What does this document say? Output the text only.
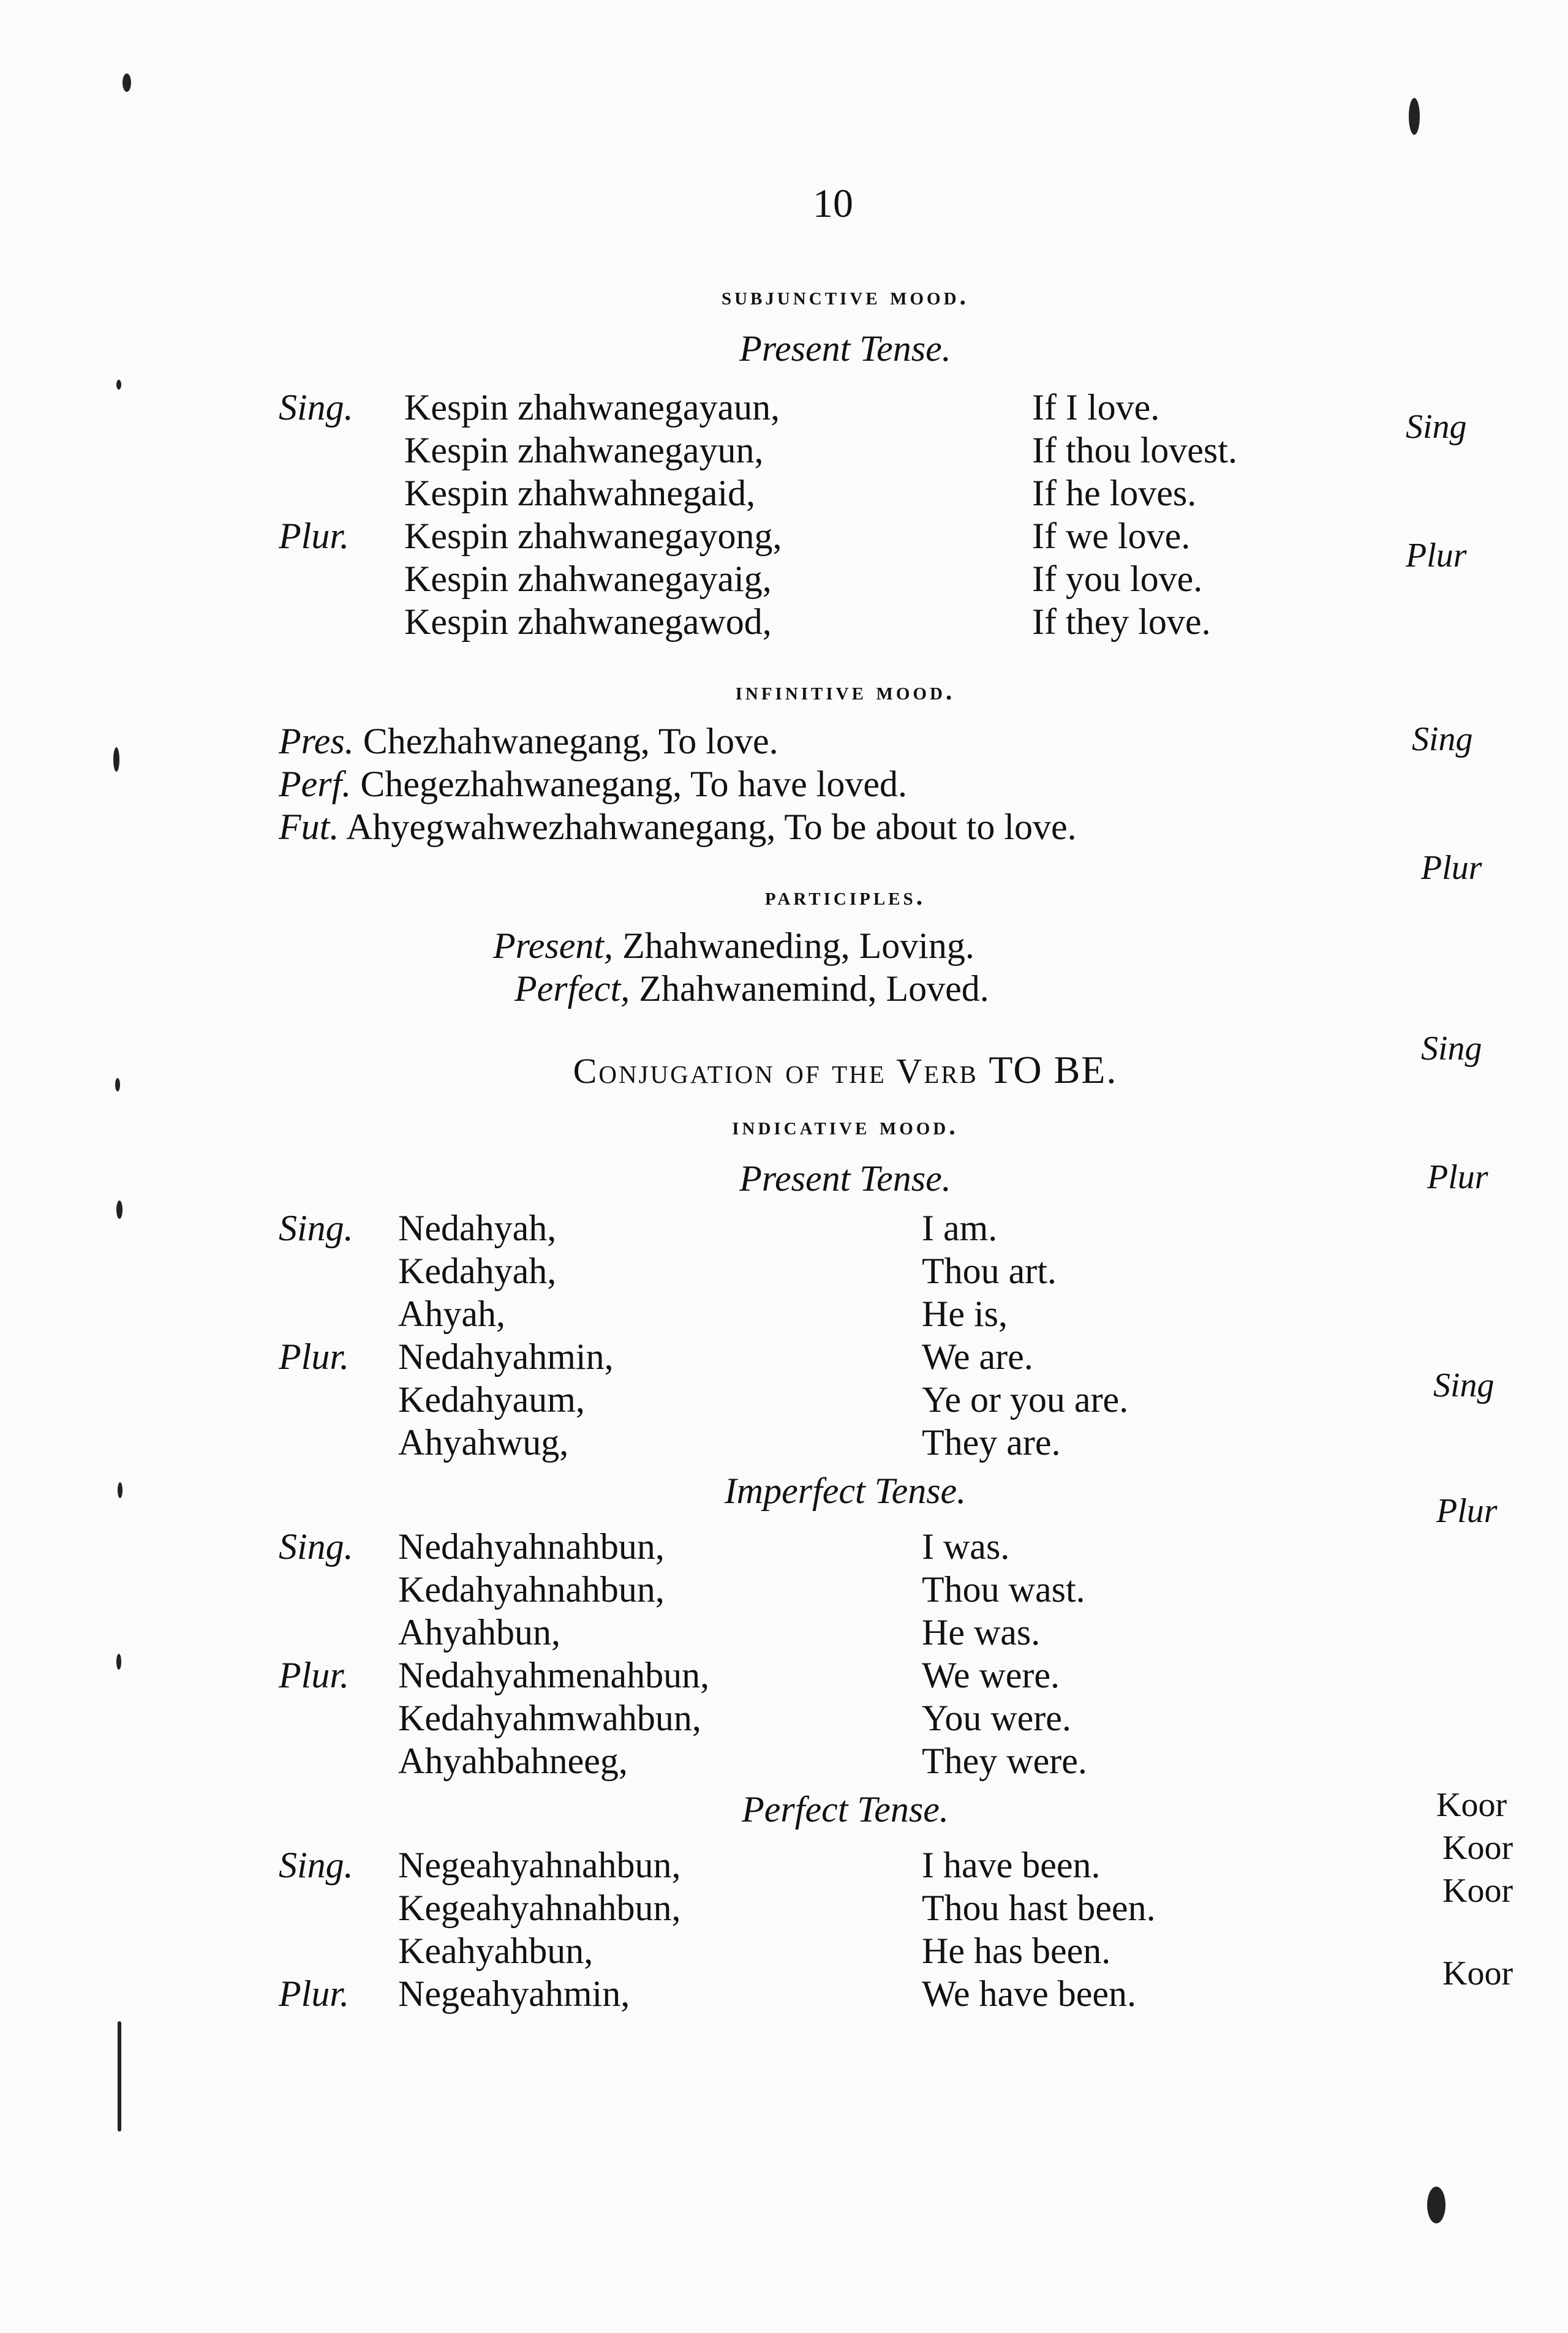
10
subjunctive mood.
Present Tense.
Sing. Kespin zhahwanegayaun,	If I love.
Kespin zhahwanegayun,	If thou lovest.
Kespin zhahwahnegaid,	If he loves.
Plur. Kespin zhahwanegayong,	If we love.
Kespin zhahwanegayaig,	If you love.
Kespin zhahwanegawod,	If they love.
infinitive mood.
Pres. Chezhahwanegang, To love.
Perf. Chegezhahwanegang, To have loved.
Fut. Ahyegwahwezhahwanegang, To be about to love.
participles.
Present, Zhahwaneding, Loving.
Perfect, Zhahwanemind, Loved.
Conjugation of the Verb TO BE.
indicative mood.
Present Tense.
Sing. Nedahyah,	I am.
Kedahyah,	Thou art.
Ahyah,	He is,
Plur. Nedahyahmin,	We are.
Kedahyaum,	Ye or you are.
Ahyahwug,	They are.
Imperfect Tense.
Sing. Nedahyahnahbun,	I was.
Kedahyahnahbun,	Thou wast.
Ahyahbun,	He was.
Plur. Nedahyahmenahbun,	We were.
Kedahyahmwahbun,	You were.
Ahyahbahneeg,	They were.
Perfect Tense.
Sing. Negeahyahnahbun,	I have been.
Kegeahyahnahbun,	Thou hast been.
Keahyahbun,	He has been.
Plur. Negeahyahmin,	We have been.
Sing
Plur
Sing
Plur
Sing
Plur
Sing
Plur
Koor
Koor
Koor
Koor
